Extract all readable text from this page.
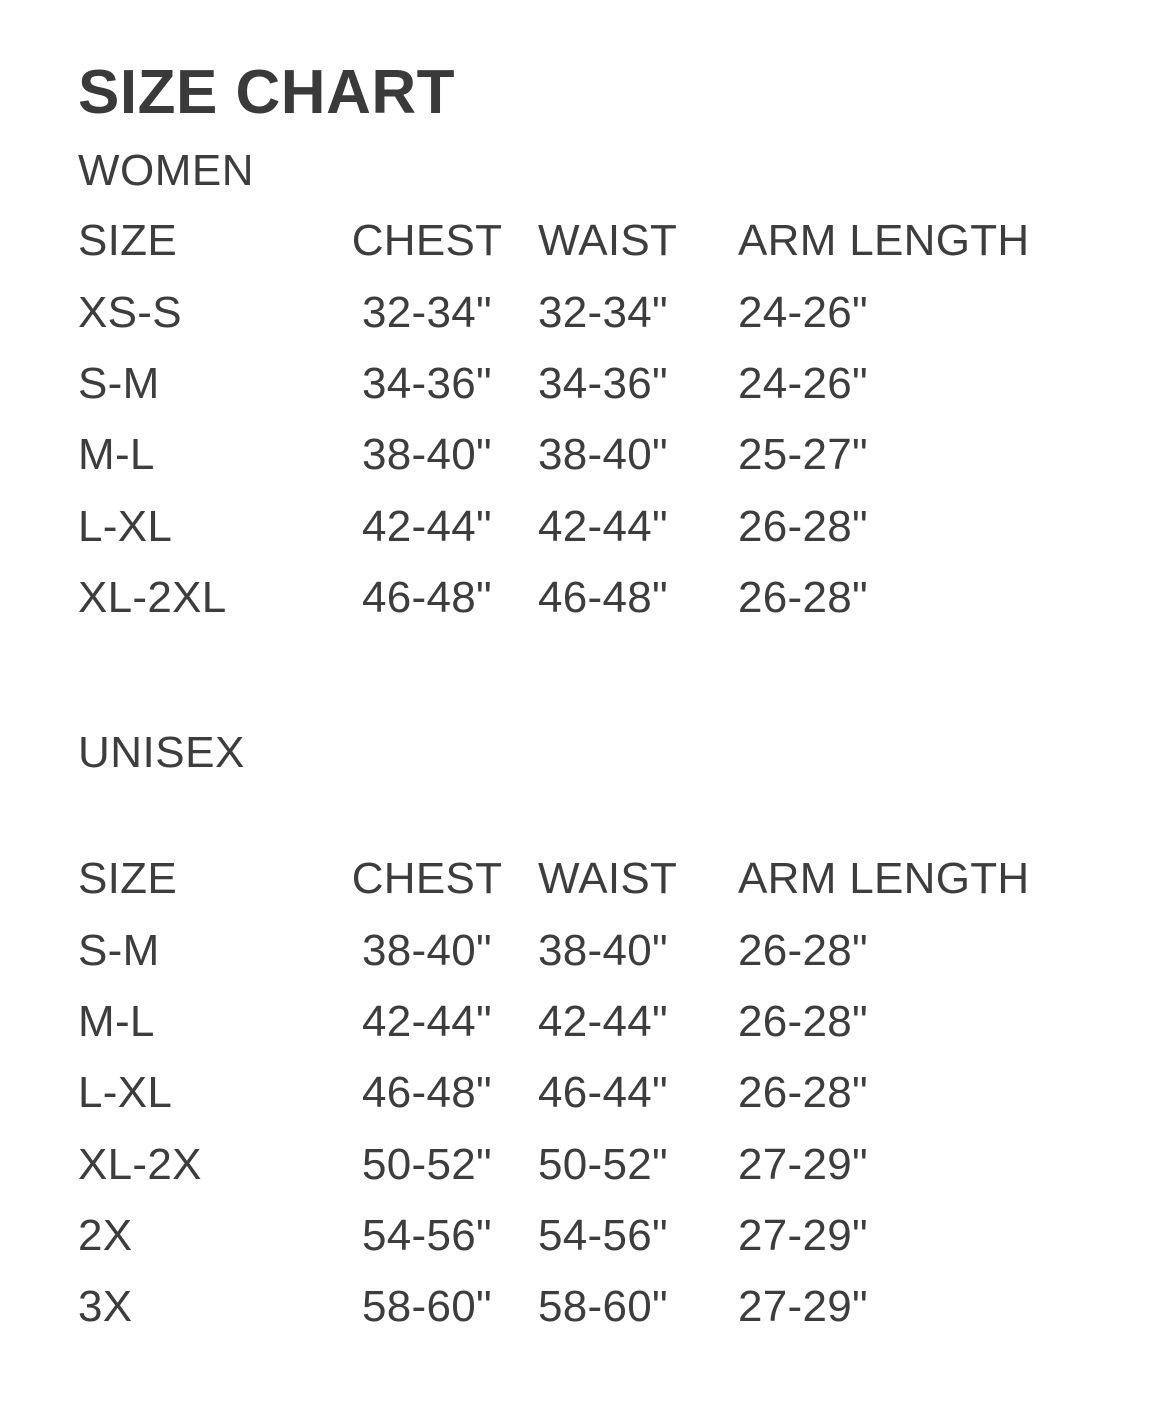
SIZE CHART
WOMEN
SIZE	CHEST	WAIST	ARM LENGTH
XS-S	32-34"	32-34"	24-26"
S-M	34-36"	34-36"	24-26"
M-L	38-40"	38-40"	25-27"
L-XL	42-44"	42-44"	26-28"
XL-2XL	46-48"	46-48"	26-28"
UNISEX
SIZE	CHEST	WAIST	ARM LENGTH
S-M	38-40"	38-40"	26-28"
M-L	42-44"	42-44"	26-28"
L-XL	46-48"	46-44"	26-28"
XL-2X	50-52"	50-52"	27-29"
2X	54-56"	54-56"	27-29"
3X	58-60"	58-60"	27-29"
